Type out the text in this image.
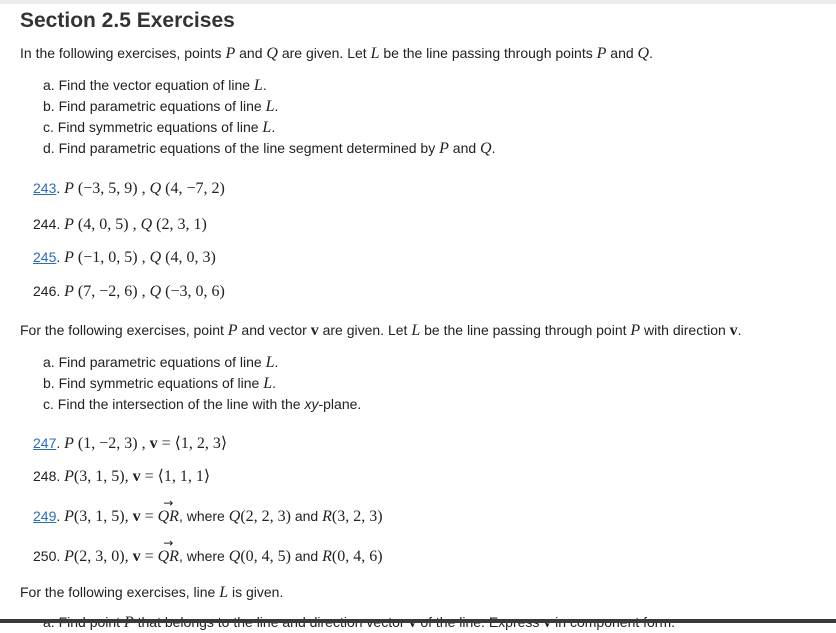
Section 2.5 Exercises
In the following exercises, points P and Q are given. Let L be the line passing through points P and Q.
a. Find the vector equation of line L.
b. Find parametric equations of line L.
c. Find symmetric equations of line L.
d. Find parametric equations of the line segment determined by P and Q.
243. P (−3, 5, 9) , Q (4, −7, 2)
244. P (4, 0, 5) , Q (2, 3, 1)
245. P (−1, 0, 5) , Q (4, 0, 3)
246. P (7, −2, 6) , Q (−3, 0, 6)
For the following exercises, point P and vector v are given. Let L be the line passing through point P with direction v.
a. Find parametric equations of line L.
b. Find symmetric equations of line L.
c. Find the intersection of the line with the xy-plane.
247. P (1, −2, 3) , v = ⟨1, 2, 3⟩
248. P(3, 1, 5), v = ⟨1, 1, 1⟩
249. P(3, 1, 5), v =
→
QR, where Q(2, 2, 3) and R(3, 2, 3)
250. P(2, 3, 0), v =
→
QR, where Q(0, 4, 5) and R(0, 4, 6)
For the following exercises, line L is given.
